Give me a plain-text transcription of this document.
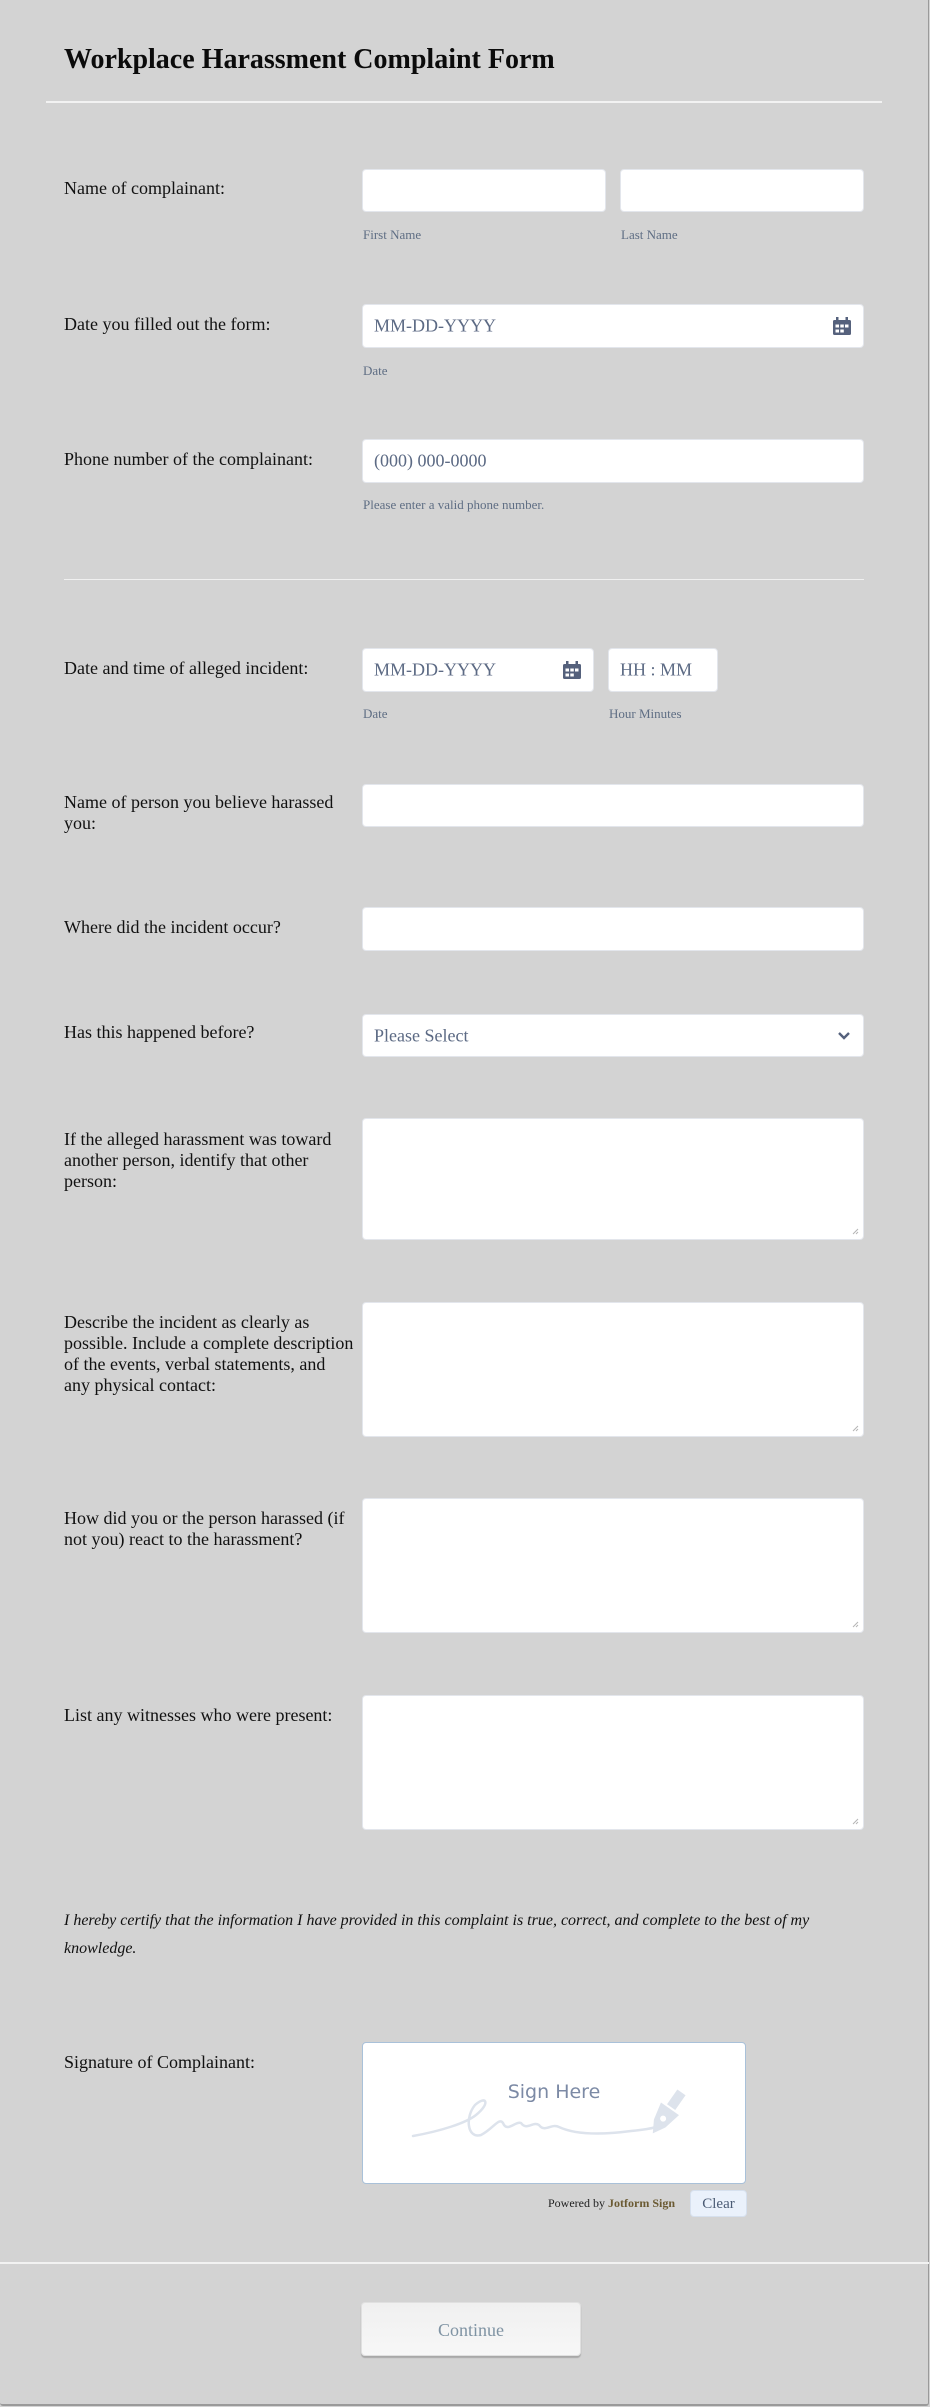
Workplace Harassment Complaint Form
Name of complainant:
First Name	Last Name
Date you filled out the form:	MM-DD-YYYY
Date
Phone number of the complainant:	(000) 000-0000
Please enter a valid phone number.
Date and time of alleged incident:	MM-DD-YYYY	HH : MM
Date	Hour Minutes
Name of person you believe harassed you:
Where did the incident occur?
Has this happened before?	Please Select
If the alleged harassment was toward another person, identify that other person:
Describe the incident as clearly as possible. Include a complete description of the events, verbal statements, and any physical contact:
How did you or the person harassed (if not you) react to the harassment?
List any witnesses who were present:

I hereby certify that the information I have provided in this complaint is true, correct, and complete to the best of my knowledge.

Signature of Complainant:
Sign Here
Powered by Jotform Sign	Clear
Continue
